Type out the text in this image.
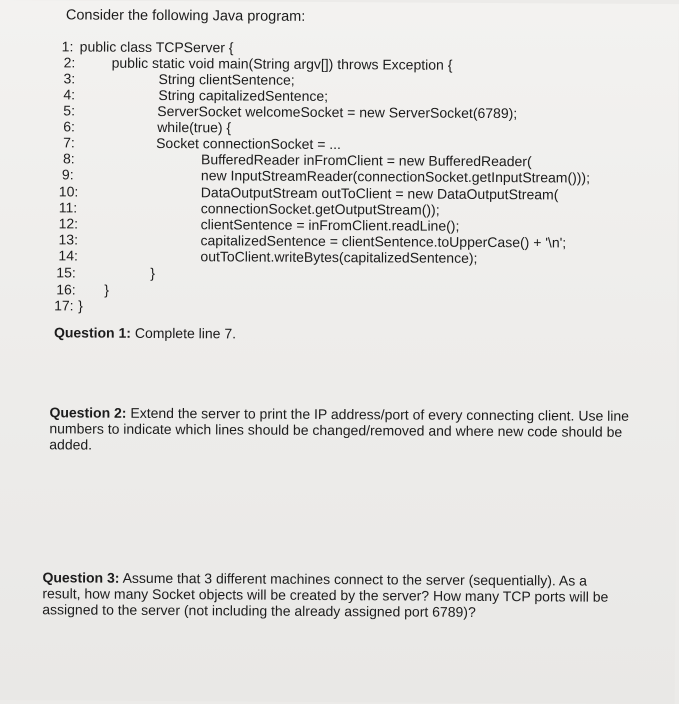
Consider the following Java program:

1:

public class TCPServer {

2:

	public static void main(String argv[]) throws Exception {

3:

	String clientSentence;

4:

	String capitalizedSentence;

5:

	ServerSocket welcomeSocket = new ServerSocket(6789);

6:

	while(true) {

7:

	Socket connectionSocket = ...

8:

	BufferedReader inFromClient = new BufferedReader(

9:

	new InputStreamReader(connectionSocket.getInputStream()));

10:

	DataOutputStream outToClient = new DataOutputStream(

11:

	connectionSocket.getOutputStream());

12:

	clientSentence = inFromClient.readLine();

13:

	capitalizedSentence = clientSentence.toUpperCase() + '\n';

14:

	outToClient.writeBytes(capitalizedSentence);

15:

	}

16:

}

17:

}

Question 1: Complete line 7.
Question 2: Extend the server to print the IP address/port of every connecting client. Use line numbers to indicate which lines should be changed/removed and where new code should be added.
Question 3: Assume that 3 different machines connect to the server (sequentially). As a result, how many Socket objects will be created by the server? How many TCP ports will be assigned to the server (not including the already assigned port 6789)?
